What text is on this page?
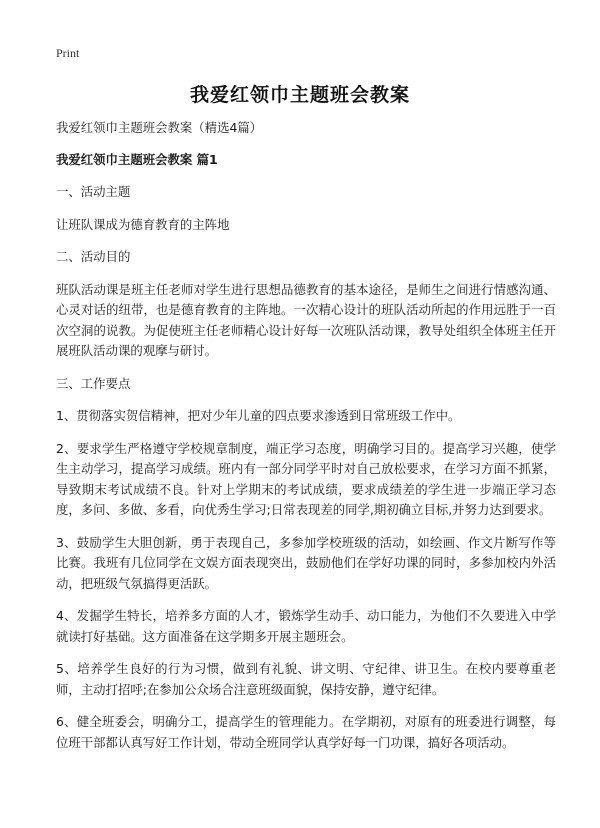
Print
我爱红领巾主题班会教案

我爱红领巾主题班会教案（精选4篇）

我爱红领巾主题班会教案 篇1

一、活动主题

让班队课成为德育教育的主阵地

二、活动目的

班队活动课是班主任老师对学生进行思想品德教育的基本途径，是师生之间进行情感沟通、心灵对话的纽带，也是德育教育的主阵地。一次精心设计的班队活动所起的作用远胜于一百次空洞的说教。为促使班主任老师精心设计好每一次班队活动课，教导处组织全体班主任开展班队活动课的观摩与研讨。

三、工作要点

1、贯彻落实贺信精神，把对少年儿童的四点要求渗透到日常班级工作中。

2、要求学生严格遵守学校规章制度，端正学习态度，明确学习目的。提高学习兴趣，使学生主动学习，提高学习成绩。班内有一部分同学平时对自己放松要求，在学习方面不抓紧，导致期末考试成绩不良。针对上学期末的考试成绩，要求成绩差的学生进一步端正学习态度，多问、多做、多看，向优秀生学习;日常表现差的同学,期初确立目标,并努力达到要求。

3、鼓励学生大胆创新，勇于表现自己，多参加学校班级的活动，如绘画、作文片断写作等比赛。我班有几位同学在文娱方面表现突出，鼓励他们在学好功课的同时，多参加校内外活动，把班级气氛搞得更活跃。

4、发掘学生特长，培养多方面的人才，锻炼学生动手、动口能力，为他们不久要进入中学就读打好基础。这方面准备在这学期多开展主题班会。

5、培养学生良好的行为习惯，做到有礼貌、讲文明、守纪律、讲卫生。在校内要尊重老师，主动打招呼;在参加公众场合注意班级面貌，保持安静，遵守纪律。

6、健全班委会，明确分工，提高学生的管理能力。在学期初，对原有的班委进行调整，每位班干部都认真写好工作计划，带动全班同学认真学好每一门功课，搞好各项活动。
